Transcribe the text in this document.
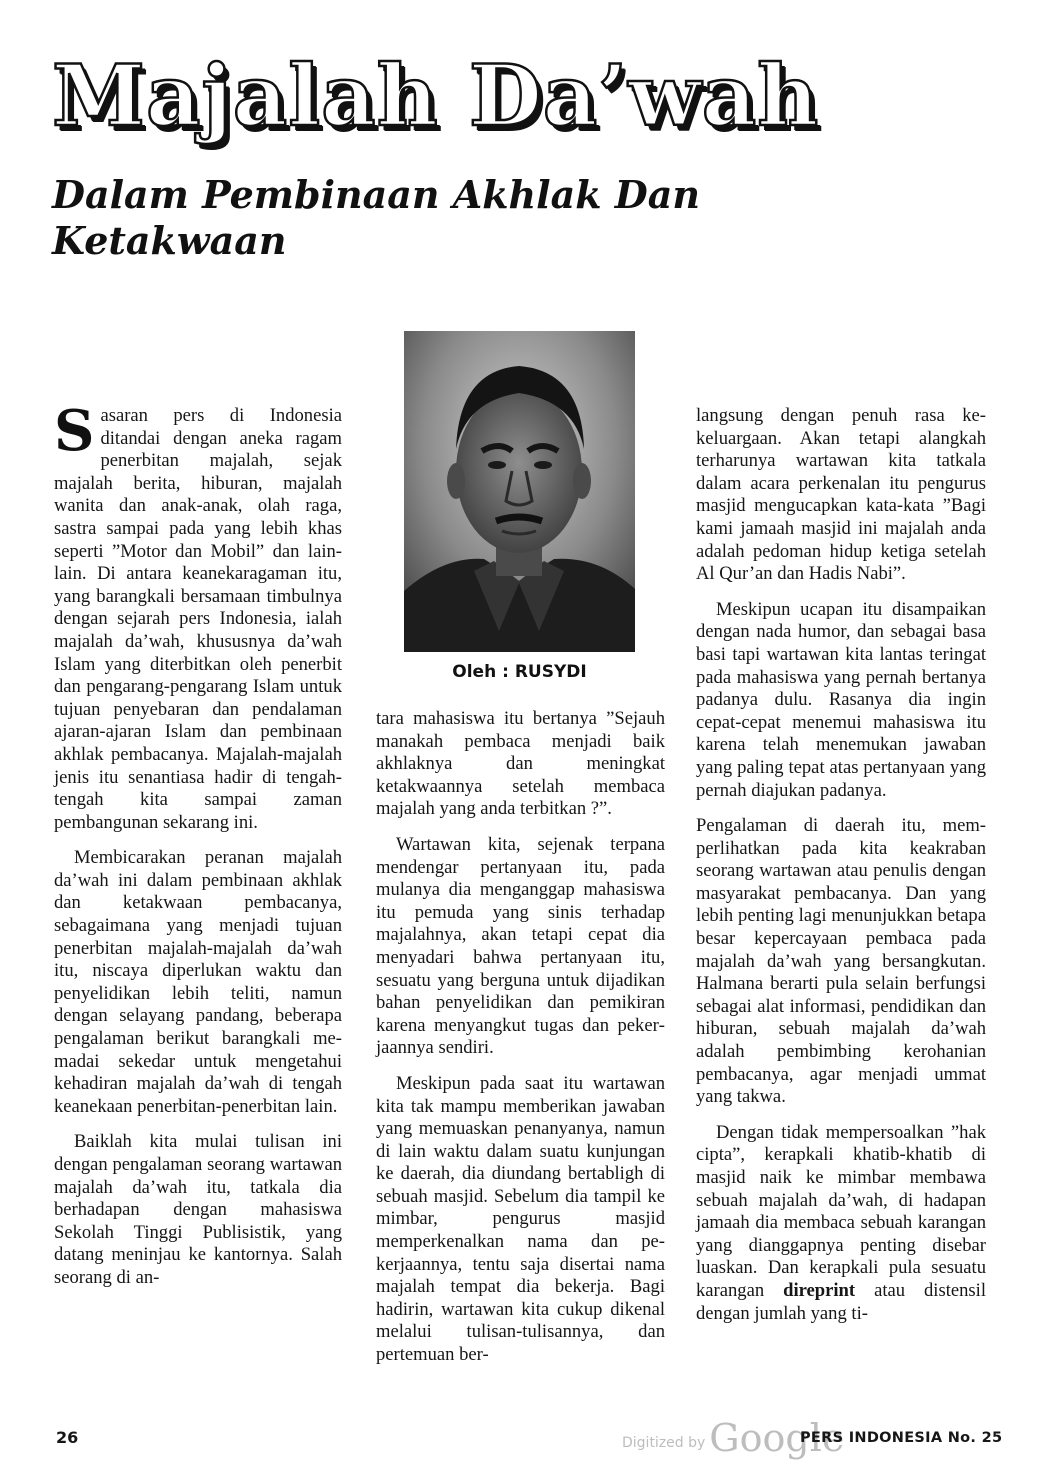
Majalah Da’wah
Dalam Pembinaan Akhlak Dan Ketakwaan
Oleh : RUSYDI

Sasaran pers di Indonesia ditandai dengan aneka ragam penerbitan majalah, sejak majalah berita, hiburan, majalah wanita dan anak-anak, olah raga, sastra sampai pada yang lebih khas seperti ”Motor dan Mobil” dan lain-lain. Di antara keanekaragaman itu, yang barangkali bersamaan timbulnya dengan sejarah pers Indonesia, ialah majalah da’wah, khususnya da’wah Islam yang diterbitkan oleh penerbit dan pengarang-pengarang Islam untuk tujuan penyebaran dan pendalaman ajaran-ajaran Islam dan pembinaan akhlak pembacanya. Majalah-majalah jenis itu senantiasa hadir di tengah-tengah kita sampai zaman pembangunan sekarang ini.

Membicarakan peranan majalah da’wah ini dalam pembinaan akhlak dan ketakwaan pembacanya, sebagaimana yang menjadi tujuan penerbitan majalah-majalah da’wah itu, niscaya diperlukan waktu dan penyelidikan lebih teliti, namun dengan selayang pandang, beberapa pengalaman berikut barangkali memadai sekedar untuk mengetahui kehadiran majalah da’wah di tengah keanekaan penerbitan-penerbitan lain.

Baiklah kita mulai tulisan ini dengan pengalaman seorang wartawan majalah da’wah itu, tatkala dia berhadapan dengan mahasiswa Sekolah Tinggi Publisistik, yang datang meninjau ke kantornya. Salah seorang di an-

tara mahasiswa itu bertanya ”Sejauh manakah pembaca menjadi baik akhlaknya dan meningkat ketakwaannya setelah membaca majalah yang anda terbitkan ?”.

Wartawan kita, sejenak terpana mendengar pertanyaan itu, pada mulanya dia menganggap mahasiswa itu pemuda yang sinis terhadap majalahnya, akan tetapi cepat dia menyadari bahwa pertanyaan itu, sesuatu yang berguna untuk dijadikan bahan penyelidikan dan pemikiran karena menyangkut tugas dan pekerjaannya sendiri.

Meskipun pada saat itu wartawan kita tak mampu memberikan jawaban yang memuaskan penanyanya, namun di lain waktu dalam suatu kunjungan ke daerah, dia diundang bertabligh di sebuah masjid. Sebelum dia tampil ke mimbar, pengurus masjid memperkenalkan nama dan pekerjaannya, tentu saja disertai nama majalah tempat dia bekerja. Bagi hadirin, wartawan kita cukup dikenal melalui tulisan-tulisannya, dan pertemuan ber-

langsung dengan penuh rasa kekeluargaan. Akan tetapi alangkah terharunya wartawan kita tatkala dalam acara perkenalan itu pengurus masjid mengucapkan kata-kata ”Bagi kami jamaah masjid ini majalah anda adalah pedoman hidup ketiga setelah Al Qur’an dan Hadis Nabi”.

Meskipun ucapan itu disampaikan dengan nada humor, dan sebagai basa basi tapi wartawan kita lantas teringat pada mahasiswa yang pernah bertanya padanya dulu. Rasanya dia ingin cepat-cepat menemui mahasiswa itu karena telah menemukan jawaban yang paling tepat atas pertanyaan yang pernah diajukan padanya.

Pengalaman di daerah itu, memperlihatkan pada kita keakraban seorang wartawan atau penulis dengan masyarakat pembacanya. Dan yang lebih penting lagi menunjukkan betapa besar kepercayaan pembaca pada majalah da’wah yang bersangkutan. Halmana berarti pula selain berfungsi sebagai alat informasi, pendidikan dan hiburan, sebuah majalah da’wah adalah pembimbing kerohanian pembacanya, agar menjadi ummat yang takwa.

Dengan tidak mempersoalkan ”hak cipta”, kerapkali khatib-khatib di masjid naik ke mimbar membawa sebuah majalah da’wah, di hadapan jamaah dia membaca sebuah karangan yang dianggapnya penting disebar luaskan. Dan kerapkali pula sesuatu karangan direprint atau distensil dengan jumlah yang ti-

26	Digitized by Google
PERS INDONESIA No. 25
